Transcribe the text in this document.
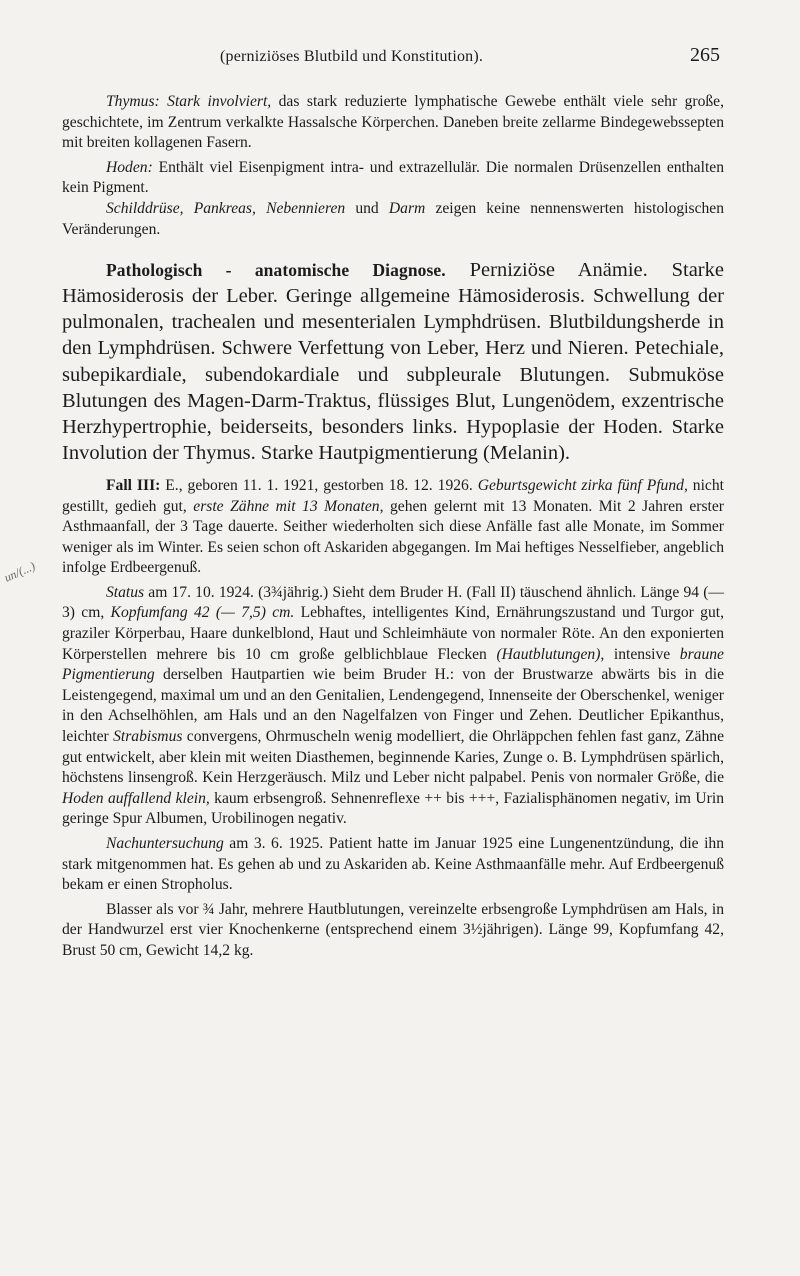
(perniziöses Blutbild und Konstitution).	265
un/(...)

Thymus: Stark involviert, das stark reduzierte lymphatische Gewebe enthält viele sehr große, geschichtete, im Zentrum verkalkte Hassalsche Körperchen. Daneben breite zellarme Bindegewebssepten mit breiten kollagenen Fasern.

Hoden: Enthält viel Eisenpigment intra- und extrazellulär. Die normalen Drüsenzellen enthalten kein Pigment.

Schilddrüse, Pankreas, Nebennieren und Darm zeigen keine nennenswerten histologischen Veränderungen.

Pathologisch - anatomische Diagnose. Perniziöse Anämie. Starke Hämosiderosis der Leber. Geringe allgemeine Hämosiderosis. Schwellung der pulmonalen, trachealen und mesenterialen Lymphdrüsen. Blutbildungsherde in den Lymphdrüsen. Schwere Verfettung von Leber, Herz und Nieren. Petechiale, subepikardiale, subendokardiale und subpleurale Blutungen. Submuköse Blutungen des Magen-Darm-Traktus, flüssiges Blut, Lungenödem, exzentrische Herzhypertrophie, beiderseits, besonders links. Hypoplasie der Hoden. Starke Involution der Thymus. Starke Hautpigmentierung (Melanin).

Fall III: E., geboren 11. 1. 1921, gestorben 18. 12. 1926. Geburtsgewicht zirka fünf Pfund, nicht gestillt, gedieh gut, erste Zähne mit 13 Monaten, gehen gelernt mit 13 Monaten. Mit 2 Jahren erster Asthmaanfall, der 3 Tage dauerte. Seither wiederholten sich diese Anfälle fast alle Monate, im Sommer weniger als im Winter. Es seien schon oft Askariden abgegangen. Im Mai heftiges Nesselfieber, angeblich infolge Erdbeergenuß.

Status am 17. 10. 1924. (3¾jährig.) Sieht dem Bruder H. (Fall II) täuschend ähnlich. Länge 94 (— 3) cm, Kopfumfang 42 (— 7,5) cm. Lebhaftes, intelligentes Kind, Ernährungszustand und Turgor gut, graziler Körperbau, Haare dunkelblond, Haut und Schleimhäute von normaler Röte. An den exponierten Körperstellen mehrere bis 10 cm große gelblichblaue Flecken (Hautblutungen), intensive braune Pigmentierung derselben Hautpartien wie beim Bruder H.: von der Brustwarze abwärts bis in die Leistengegend, maximal um und an den Genitalien, Lendengegend, Innenseite der Oberschenkel, weniger in den Achselhöhlen, am Hals und an den Nagelfalzen von Finger und Zehen. Deutlicher Epikanthus, leichter Strabismus convergens, Ohrmuscheln wenig modelliert, die Ohrläppchen fehlen fast ganz, Zähne gut entwickelt, aber klein mit weiten Diasthemen, beginnende Karies, Zunge o. B. Lymphdrüsen spärlich, höchstens linsengroß. Kein Herzgeräusch. Milz und Leber nicht palpabel. Penis von normaler Größe, die Hoden auffallend klein, kaum erbsengroß. Sehnenreflexe ++ bis +++, Fazialisphänomen negativ, im Urin geringe Spur Albumen, Urobilinogen negativ.

Nachuntersuchung am 3. 6. 1925. Patient hatte im Januar 1925 eine Lungenentzündung, die ihn stark mitgenommen hat. Es gehen ab und zu Askariden ab. Keine Asthmaanfälle mehr. Auf Erdbeergenuß bekam er einen Stropholus.

Blasser als vor ¾ Jahr, mehrere Hautblutungen, vereinzelte erbsengroße Lymphdrüsen am Hals, in der Handwurzel erst vier Knochenkerne (entsprechend einem 3½jährigen). Länge 99, Kopfumfang 42, Brust 50 cm, Gewicht 14,2 kg.
